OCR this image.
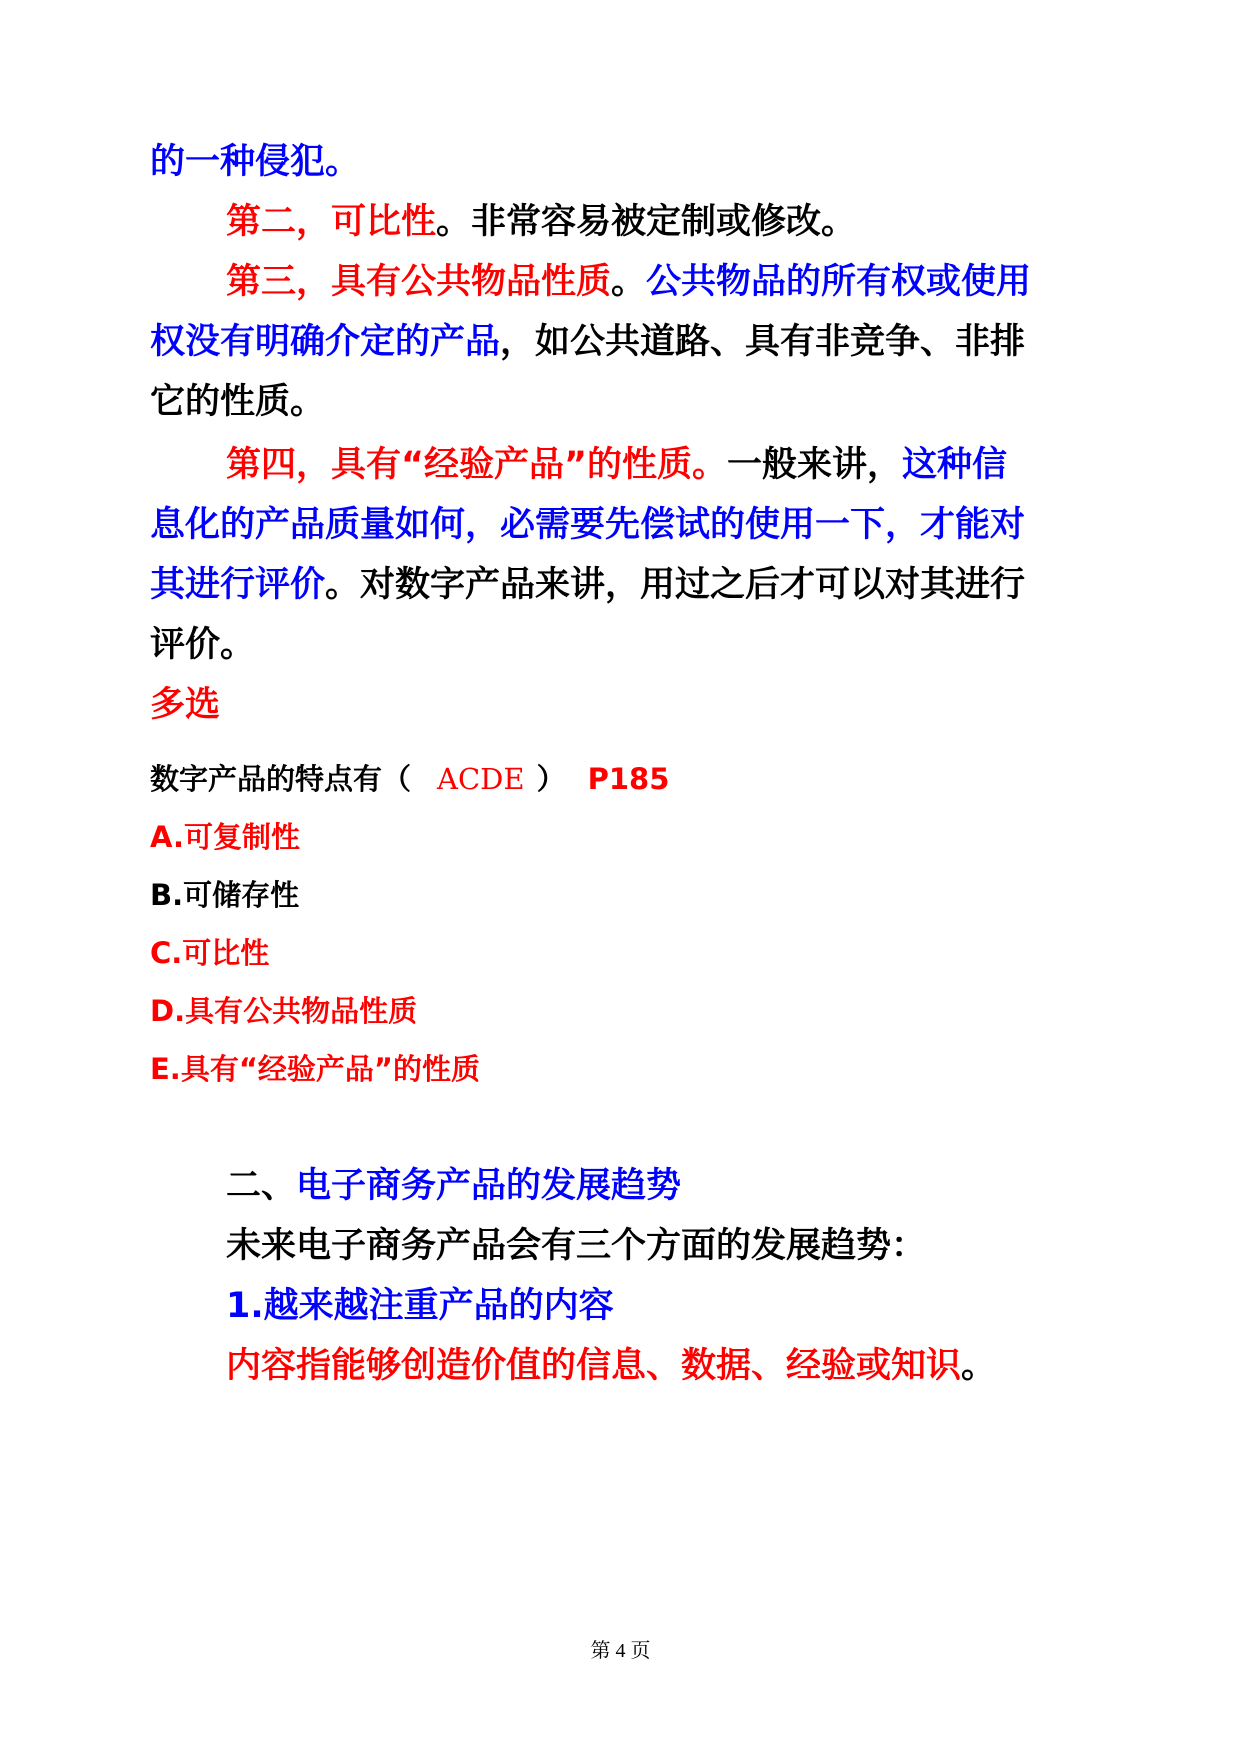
的一种侵犯。
第二，可比性。非常容易被定制或修改。
第三，具有公共物品性质。公共物品的所有权或使用
权没有明确介定的产品，如公共道路、具有非竞争、非排
它的性质。
第四，具有“经验产品”的性质。一般来讲，这种信
息化的产品质量如何，必需要先偿试的使用一下，才能对
其进行评价。对数字产品来讲，用过之后才可以对其进行
评价。
多选
数字产品的特点有（ ACDE ） P185
A.可复制性
B.可储存性
C.可比性
D.具有公共物品性质
E.具有“经验产品”的性质
二、电子商务产品的发展趋势
未来电子商务产品会有三个方面的发展趋势：
1.越来越注重产品的内容
内容指能够创造价值的信息、数据、经验或知识。
第 4 页
